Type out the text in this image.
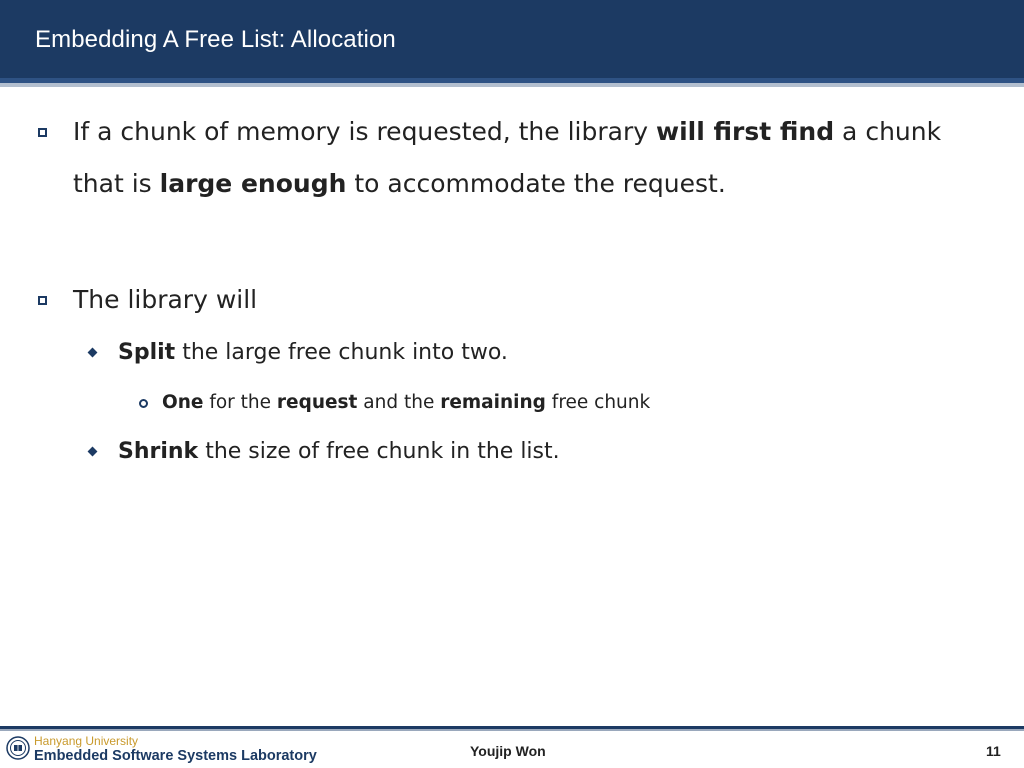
Embedding A Free List: Allocation
If a chunk of memory is requested, the library will first find a chunk
that is large enough to accommodate the request.
The library will
Split the large free chunk into two.
One for the request and the remaining free chunk
Shrink the size of free chunk in the list.
Hanyang University
Embedded Software Systems Laboratory	Youjip Won	11
